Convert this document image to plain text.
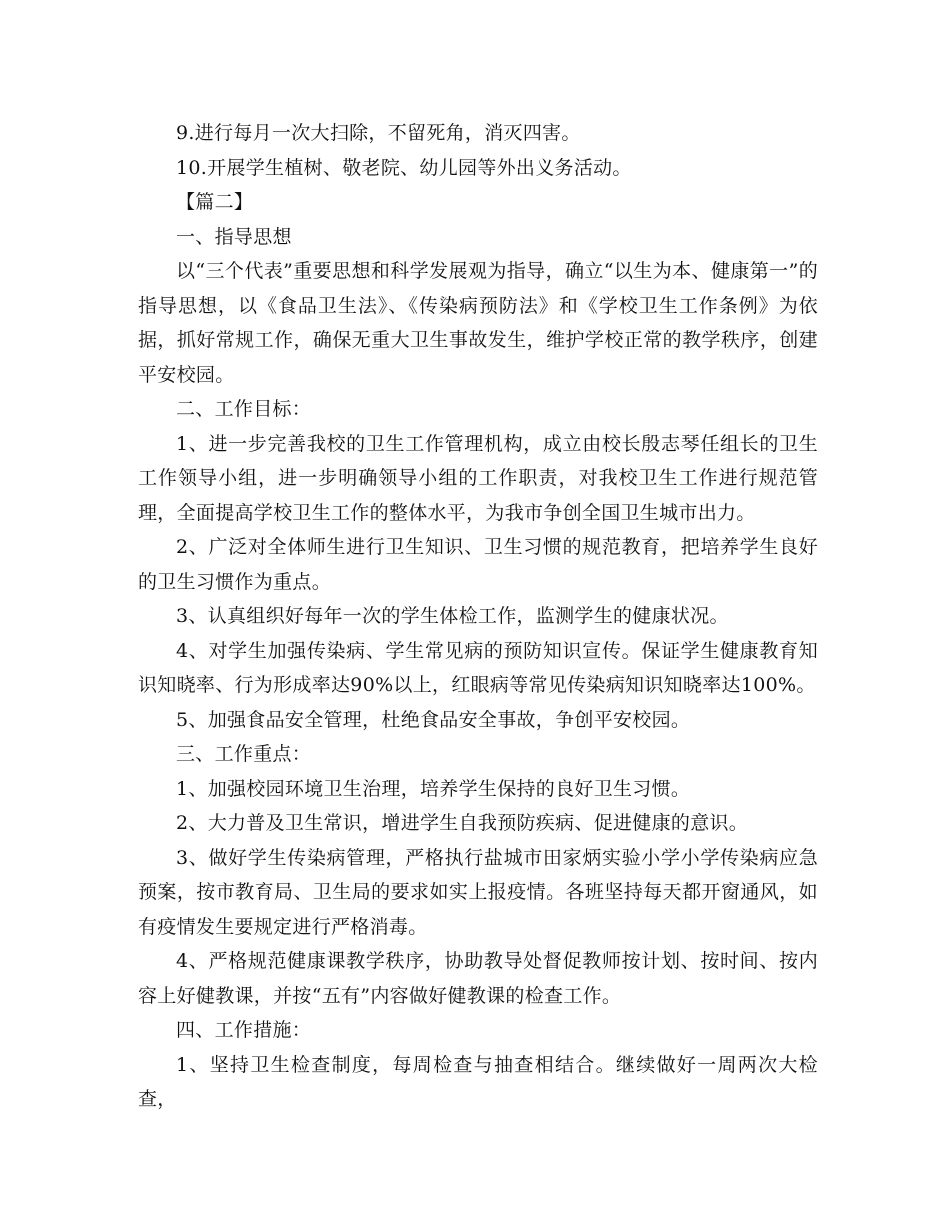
9.进行每月一次大扫除，不留死角，消灭四害。

10.开展学生植树、敬老院、幼儿园等外出义务活动。

【篇二】

一、指导思想

以“三个代表”重要思想和科学发展观为指导，确立“以生为本、健康第一”的指导思想，以《食品卫生法》、《传染病预防法》和《学校卫生工作条例》为依据，抓好常规工作，确保无重大卫生事故发生，维护学校正常的教学秩序，创建平安校园。

二、工作目标：

1、进一步完善我校的卫生工作管理机构，成立由校长殷志琴任组长的卫生工作领导小组，进一步明确领导小组的工作职责，对我校卫生工作进行规范管理，全面提高学校卫生工作的整体水平，为我市争创全国卫生城市出力。

2、广泛对全体师生进行卫生知识、卫生习惯的规范教育，把培养学生良好的卫生习惯作为重点。

3、认真组织好每年一次的学生体检工作，监测学生的健康状况。

4、对学生加强传染病、学生常见病的预防知识宣传。保证学生健康教育知识知晓率、行为形成率达90%以上，红眼病等常见传染病知识知晓率达100%。

5、加强食品安全管理，杜绝食品安全事故，争创平安校园。

三、工作重点：

1、加强校园环境卫生治理，培养学生保持的良好卫生习惯。

2、大力普及卫生常识，增进学生自我预防疾病、促进健康的意识。

3、做好学生传染病管理，严格执行盐城市田家炳实验小学小学传染病应急预案，按市教育局、卫生局的要求如实上报疫情。各班坚持每天都开窗通风，如有疫情发生要规定进行严格消毒。

4、严格规范健康课教学秩序，协助教导处督促教师按计划、按时间、按内容上好健教课，并按“五有”内容做好健教课的检查工作。

四、工作措施：

1、坚持卫生检查制度，每周检查与抽查相结合。继续做好一周两次大检查，
